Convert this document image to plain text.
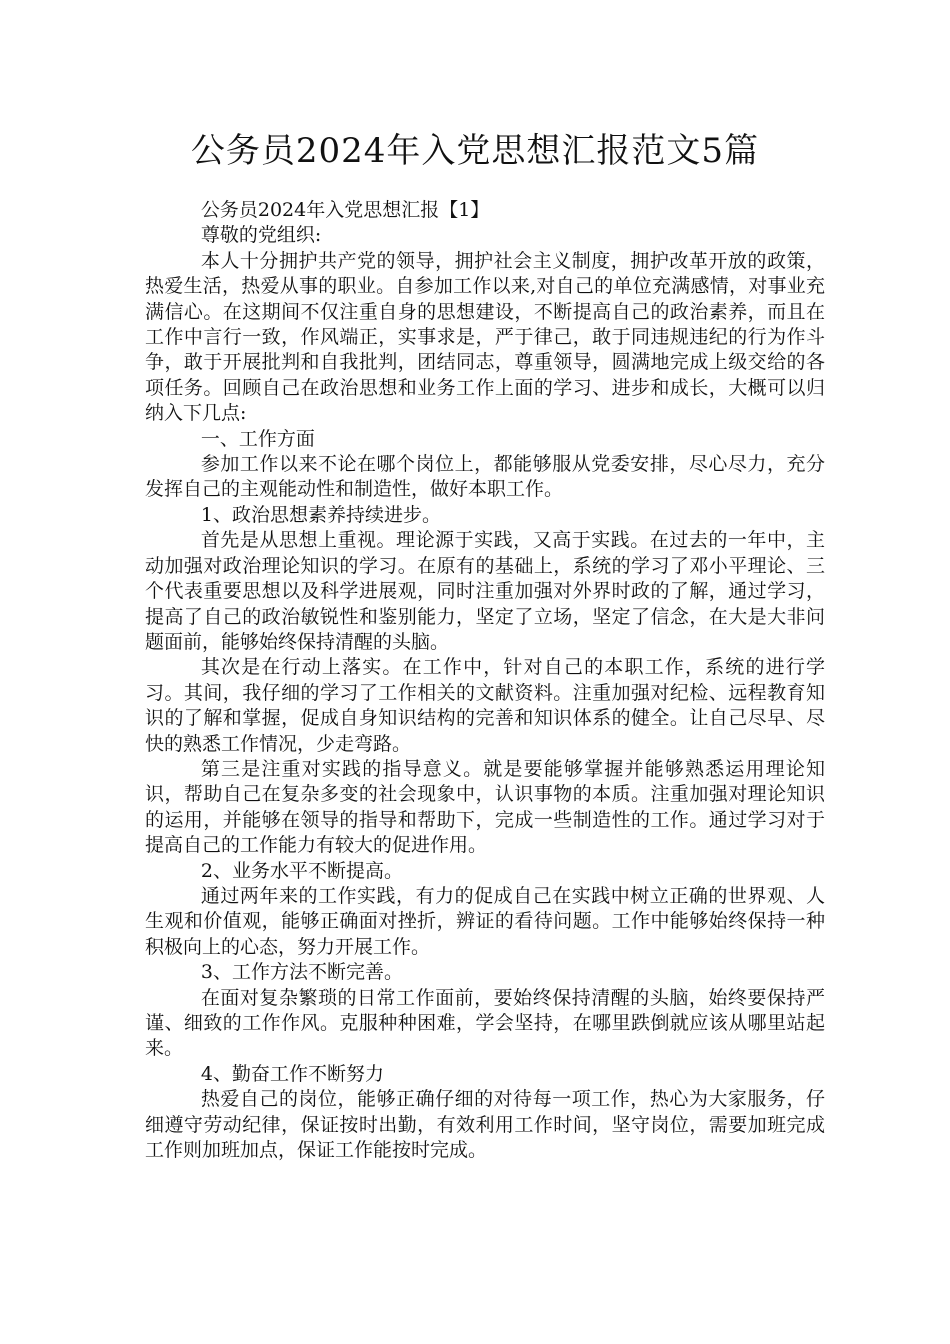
公务员2024年入党思想汇报范文5篇

公务员2024年入党思想汇报【1】

尊敬的党组织:

本人十分拥护共产党的领导，拥护社会主义制度，拥护改革开放的政策，热爱生活，热爱从事的职业。自参加工作以来,对自己的单位充满感情，对事业充满信心。在这期间不仅注重自身的思想建设，不断提高自己的政治素养，而且在工作中言行一致，作风端正，实事求是，严于律己，敢于同违规违纪的行为作斗争，敢于开展批判和自我批判，团结同志，尊重领导，圆满地完成上级交给的各项任务。回顾自己在政治思想和业务工作上面的学习、进步和成长，大概可以归纳入下几点:

一、工作方面

参加工作以来不论在哪个岗位上，都能够服从党委安排，尽心尽力，充分发挥自己的主观能动性和制造性，做好本职工作。

1、政治思想素养持续进步。

首先是从思想上重视。理论源于实践，又高于实践。在过去的一年中，主动加强对政治理论知识的学习。在原有的基础上，系统的学习了邓小平理论、三个代表重要思想以及科学进展观，同时注重加强对外界时政的了解，通过学习，提高了自己的政治敏锐性和鉴别能力，坚定了立场，坚定了信念，在大是大非问题面前，能够始终保持清醒的头脑。

其次是在行动上落实。在工作中，针对自己的本职工作，系统的进行学习。其间，我仔细的学习了工作相关的文献资料。注重加强对纪检、远程教育知识的了解和掌握，促成自身知识结构的完善和知识体系的健全。让自己尽早、尽快的熟悉工作情况，少走弯路。

第三是注重对实践的指导意义。就是要能够掌握并能够熟悉运用理论知识，帮助自己在复杂多变的社会现象中，认识事物的本质。注重加强对理论知识的运用，并能够在领导的指导和帮助下，完成一些制造性的工作。通过学习对于提高自己的工作能力有较大的促进作用。

2、业务水平不断提高。

通过两年来的工作实践，有力的促成自己在实践中树立正确的世界观、人生观和价值观，能够正确面对挫折，辨证的看待问题。工作中能够始终保持一种积极向上的心态，努力开展工作。

3、工作方法不断完善。

在面对复杂繁琐的日常工作面前，要始终保持清醒的头脑，始终要保持严谨、细致的工作作风。克服种种困难，学会坚持，在哪里跌倒就应该从哪里站起来。

4、勤奋工作不断努力

热爱自己的岗位，能够正确仔细的对待每一项工作，热心为大家服务，仔细遵守劳动纪律，保证按时出勤，有效利用工作时间，坚守岗位，需要加班完成工作则加班加点，保证工作能按时完成。
